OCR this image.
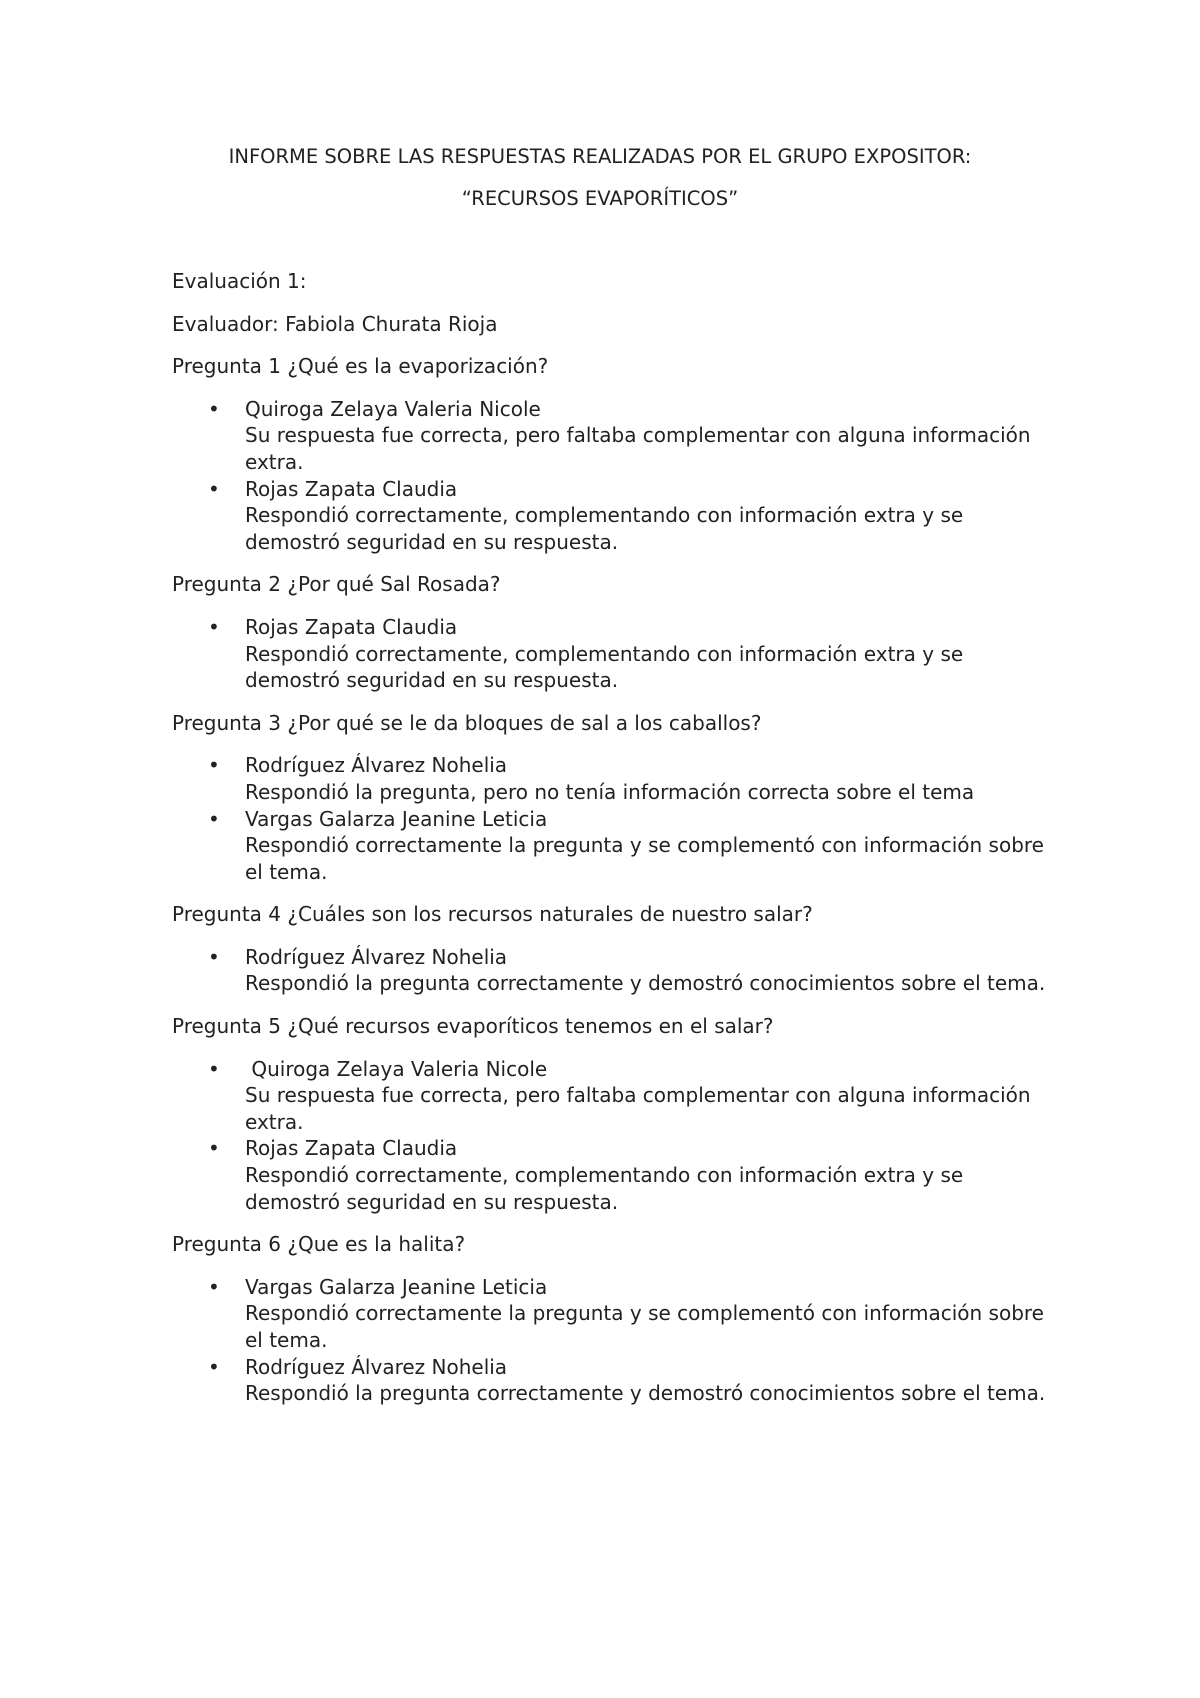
INFORME SOBRE LAS RESPUESTAS REALIZADAS POR EL GRUPO EXPOSITOR:
“RECURSOS EVAPORÍTICOS”

Evaluación 1:

Evaluador: Fabiola Churata Rioja

Pregunta 1 ¿Qué es la evaporización?

• Quiroga Zelaya Valeria Nicole
Su respuesta fue correcta, pero faltaba complementar con alguna información extra.
• Rojas Zapata Claudia
Respondió correctamente, complementando con información extra y se demostró seguridad en su respuesta.

Pregunta 2 ¿Por qué Sal Rosada?

• Rojas Zapata Claudia
Respondió correctamente, complementando con información extra y se demostró seguridad en su respuesta.

Pregunta 3 ¿Por qué se le da bloques de sal a los caballos?

• Rodríguez Álvarez Nohelia
Respondió la pregunta, pero no tenía información correcta sobre el tema
• Vargas Galarza Jeanine Leticia
Respondió correctamente la pregunta y se complementó con información sobre el tema.

Pregunta 4 ¿Cuáles son los recursos naturales de nuestro salar?

• Rodríguez Álvarez Nohelia
Respondió la pregunta correctamente y demostró conocimientos sobre el tema.

Pregunta 5 ¿Qué recursos evaporíticos tenemos en el salar?

• Quiroga Zelaya Valeria Nicole
Su respuesta fue correcta, pero faltaba complementar con alguna información extra.
• Rojas Zapata Claudia
Respondió correctamente, complementando con información extra y se demostró seguridad en su respuesta.

Pregunta 6 ¿Que es la halita?

• Vargas Galarza Jeanine Leticia
Respondió correctamente la pregunta y se complementó con información sobre el tema.
• Rodríguez Álvarez Nohelia
Respondió la pregunta correctamente y demostró conocimientos sobre el tema.
